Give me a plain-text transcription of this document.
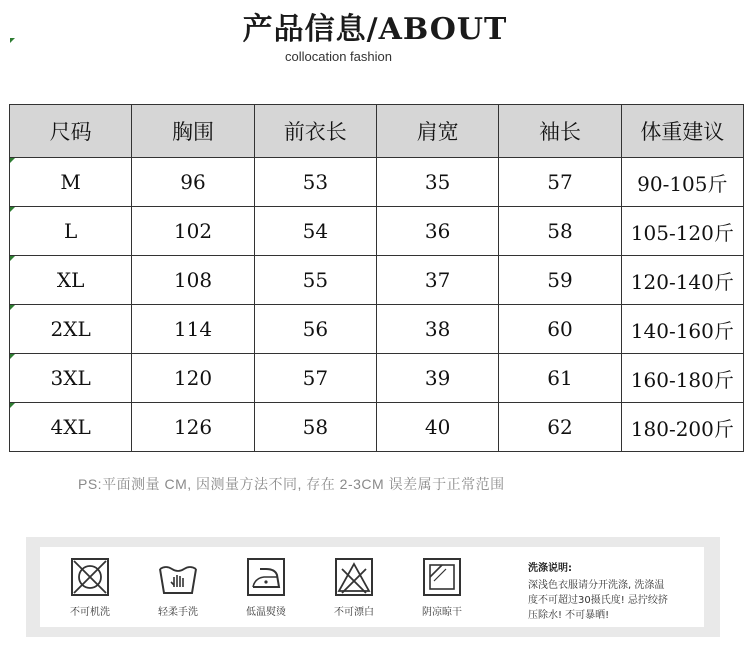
产品信息/ABOUT
collocation fashion
尺码	胸围	前衣长	肩宽	袖长	体重建议
M	96	53	35	57	90-105斤
L	102	54	36	58	105-120斤
XL	108	55	37	59	120-140斤
2XL	114	56	38	60	140-160斤
3XL	120	57	39	61	160-180斤
4XL	126	58	40	62	180-200斤
PS:平面测量 CM, 因测量方法不同, 存在 2-3CM 误差属于正常范围
不可机洗	轻柔手洗	低温熨烫	不可漂白	阴凉晾干
洗涤说明:
深浅色衣服请分开洗涤, 洗涤温
度不可超过30摄氏度! 忌拧绞挤
压除水! 不可暴晒!
